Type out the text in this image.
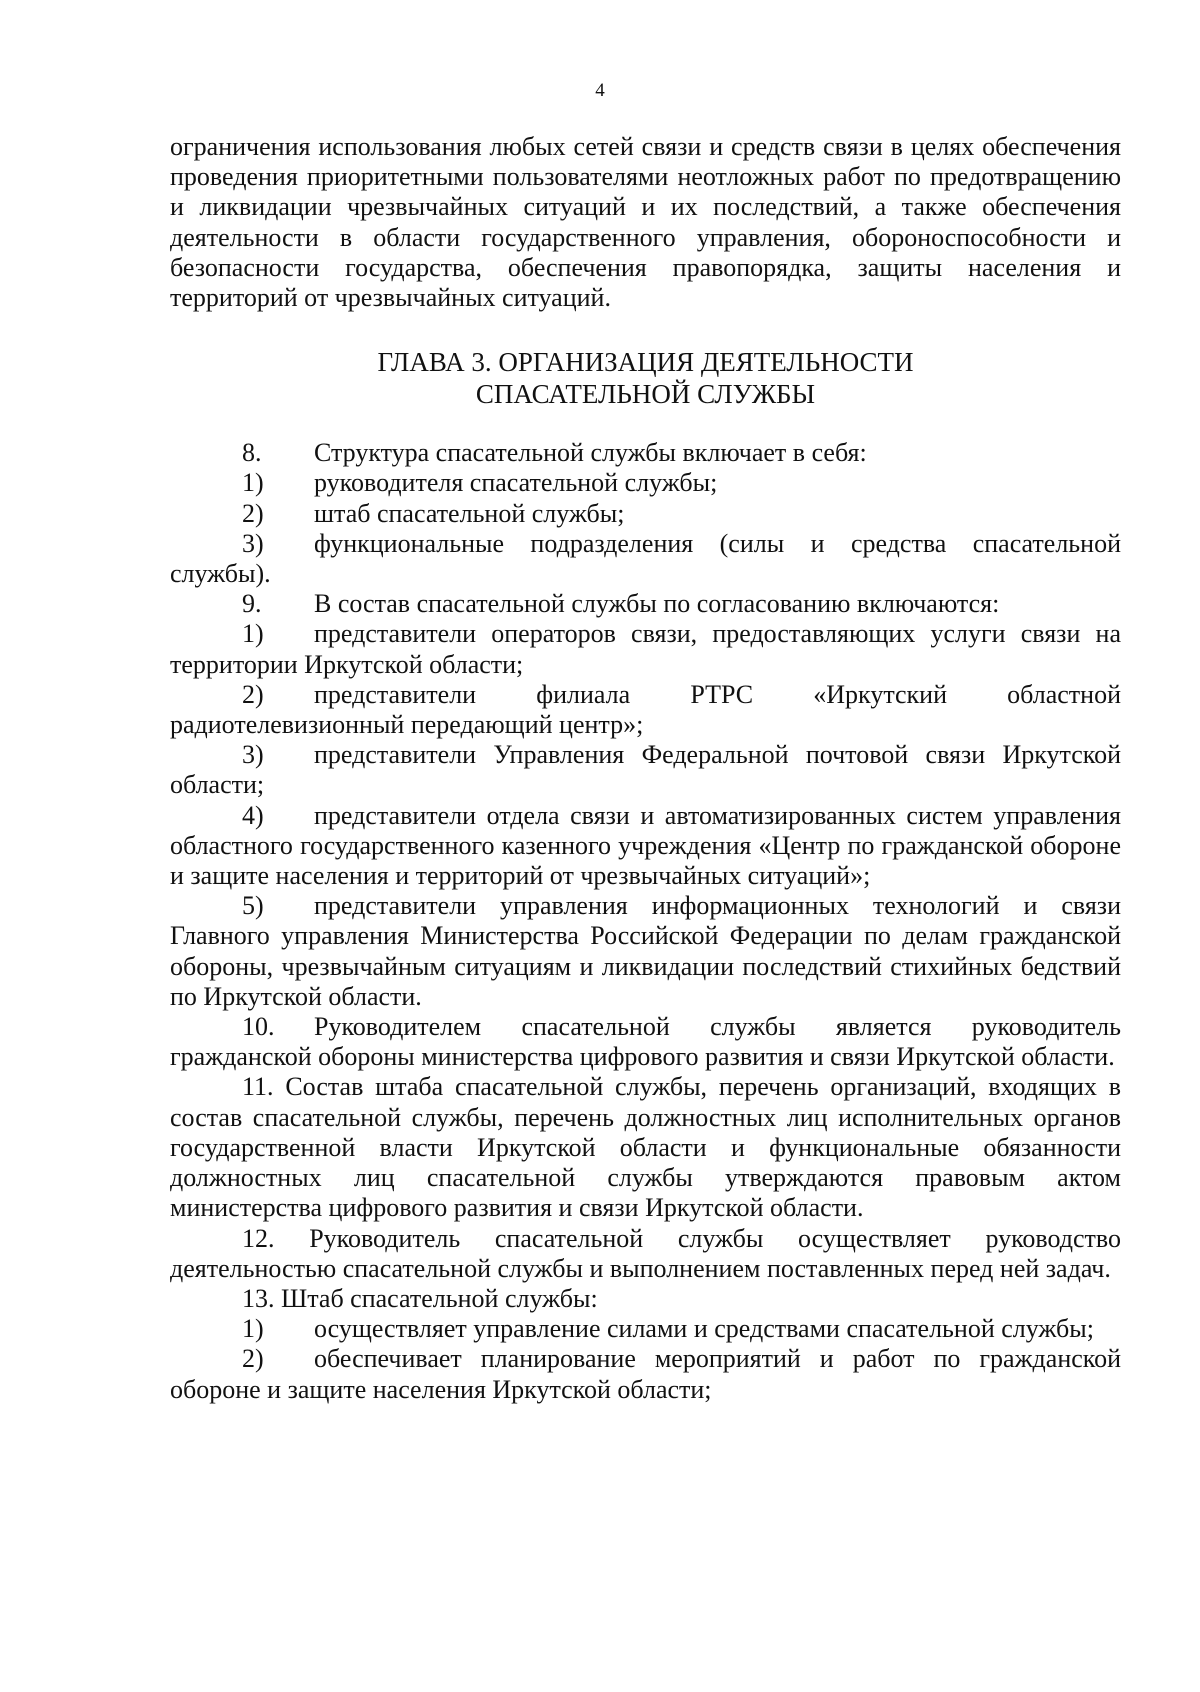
4

ограничения использования любых сетей связи и средств связи в целях обеспечения проведения приоритетными пользователями неотложных работ по предотвращению и ликвидации чрезвычайных ситуаций и их последствий, а также обеспечения деятельности в области государственного управления, обороноспособности и безопасности государства, обеспечения правопорядка, защиты населения и территорий от чрезвычайных ситуаций.

ГЛАВА 3. ОРГАНИЗАЦИЯ ДЕЯТЕЛЬНОСТИ
СПАСАТЕЛЬНОЙ СЛУЖБЫ

8. Структура спасательной службы включает в себя:

1) руководителя спасательной службы;

2) штаб спасательной службы;

3) функциональные подразделения (силы и средства спасательной службы).

9. В состав спасательной службы по согласованию включаются:

1) представители операторов связи, предоставляющих услуги связи на территории Иркутской области;

2) представители филиала РТРС «Иркутский областной радиотелевизионный передающий центр»;

3) представители Управления Федеральной почтовой связи Иркутской области;

4) представители отдела связи и автоматизированных систем управления областного государственного казенного учреждения «Центр по гражданской обороне и защите населения и территорий от чрезвычайных ситуаций»;

5) представители управления информационных технологий и связи Главного управления Министерства Российской Федерации по делам гражданской обороны, чрезвычайным ситуациям и ликвидации последствий стихийных бедствий по Иркутской области.

10. Руководителем спасательной службы является руководитель гражданской обороны министерства цифрового развития и связи Иркутской области.

11. Состав штаба спасательной службы, перечень организаций, входящих в состав спасательной службы, перечень должностных лиц исполнительных органов государственной власти Иркутской области и функциональные обязанности должностных лиц спасательной службы утверждаются правовым актом министерства цифрового развития и связи Иркутской области.

12. Руководитель спасательной службы осуществляет руководство деятельностью спасательной службы и выполнением поставленных перед ней задач.

13. Штаб спасательной службы:

1) осуществляет управление силами и средствами спасательной службы;

2) обеспечивает планирование мероприятий и работ по гражданской обороне и защите населения Иркутской области;
